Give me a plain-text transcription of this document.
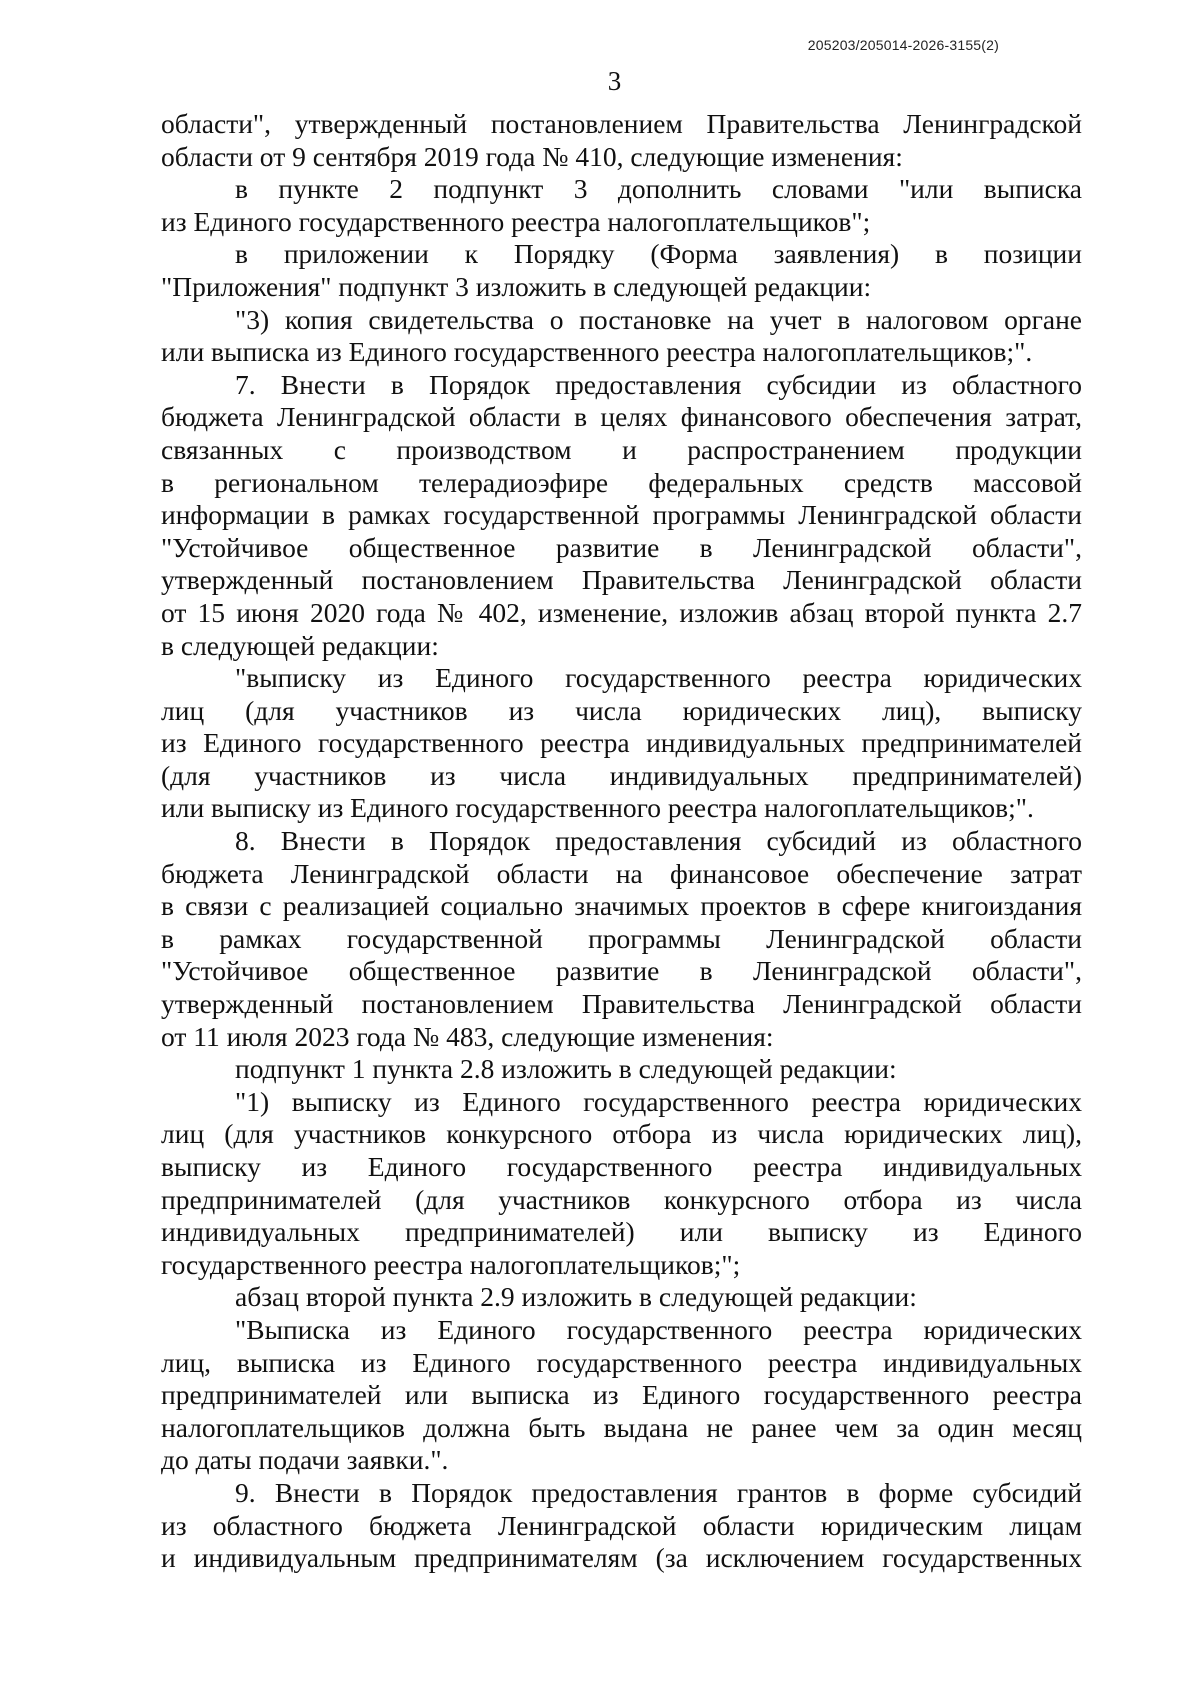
205203/205014-2026-3155(2)
3
области", утвержденный постановлением Правительства Ленинградской
области от 9 сентября 2019 года № 410, следующие изменения:
в пункте 2 подпункт 3 дополнить словами "или выписка
из Единого государственного реестра налогоплательщиков";
в приложении к Порядку (Форма заявления) в позиции
"Приложения" подпункт 3 изложить в следующей редакции:
"3) копия свидетельства о постановке на учет в налоговом органе
или выписка из Единого государственного реестра налогоплательщиков;".
7. Внести в Порядок предоставления субсидии из областного
бюджета Ленинградской области в целях финансового обеспечения затрат,
связанных с производством и распространением продукции
в региональном телерадиоэфире федеральных средств массовой
информации в рамках государственной программы Ленинградской области
"Устойчивое общественное развитие в Ленинградской области",
утвержденный постановлением Правительства Ленинградской области
от 15 июня 2020 года № 402, изменение, изложив абзац второй пункта 2.7
в следующей редакции:
"выписку из Единого государственного реестра юридических
лиц (для участников из числа юридических лиц), выписку
из Единого государственного реестра индивидуальных предпринимателей
(для участников из числа индивидуальных предпринимателей)
или выписку из Единого государственного реестра налогоплательщиков;".
8. Внести в Порядок предоставления субсидий из областного
бюджета Ленинградской области на финансовое обеспечение затрат
в связи с реализацией социально значимых проектов в сфере книгоиздания
в рамках государственной программы Ленинградской области
"Устойчивое общественное развитие в Ленинградской области",
утвержденный постановлением Правительства Ленинградской области
от 11 июля 2023 года № 483, следующие изменения:
подпункт 1 пункта 2.8 изложить в следующей редакции:
"1) выписку из Единого государственного реестра юридических
лиц (для участников конкурсного отбора из числа юридических лиц),
выписку из Единого государственного реестра индивидуальных
предпринимателей (для участников конкурсного отбора из числа
индивидуальных предпринимателей) или выписку из Единого
государственного реестра налогоплательщиков;";
абзац второй пункта 2.9 изложить в следующей редакции:
"Выписка из Единого государственного реестра юридических
лиц, выписка из Единого государственного реестра индивидуальных
предпринимателей или выписка из Единого государственного реестра
налогоплательщиков должна быть выдана не ранее чем за один месяц
до даты подачи заявки.".
9. Внести в Порядок предоставления грантов в форме субсидий
из областного бюджета Ленинградской области юридическим лицам
и индивидуальным предпринимателям (за исключением государственных
